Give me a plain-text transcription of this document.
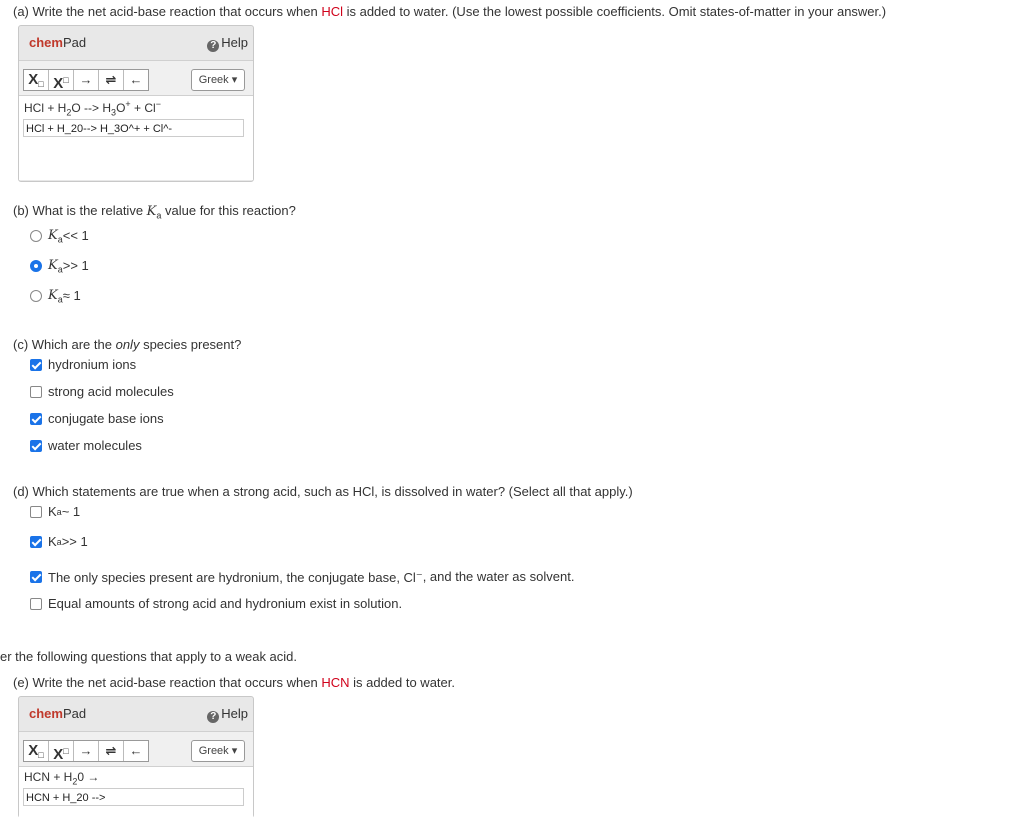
(a) Write the net acid-base reaction that occurs when HCl is added to water. (Use the lowest possible coefficients. Omit states-of-matter in your answer.)
chemPad	? Help
$X_□$ X□ →	⇌	←	Greek ▾
HCl + $H_2O$ --> $H_3O^+ + Cl^-$
HCl + H_20--> H_3O^+ + Cl^-
(b) What is the relative $K_a$ value for this reaction?
$K_a << 1$
$K_a >> 1$
$K_a \approx 1$
(c) Which are the only species present?
hydronium ions
strong acid molecules
conjugate base ions
water molecules
(d) Which statements are true when a strong acid, such as HCl, is dissolved in water? (Select all that apply.)
K a ~ 1
K a >> 1
The only species present are hydronium, the conjugate base, Cl ⁻, and the water as solvent.
Equal amounts of strong acid and hydronium exist in solution.
er the following questions that apply to a weak acid.
(e) Write the net acid-base reaction that occurs when HCN is added to water.
chemPad	? Help
$X_□$ X□ →	⇌	←	Greek ▾
HCN + $H_20$ →
HCN + H_20 -->
